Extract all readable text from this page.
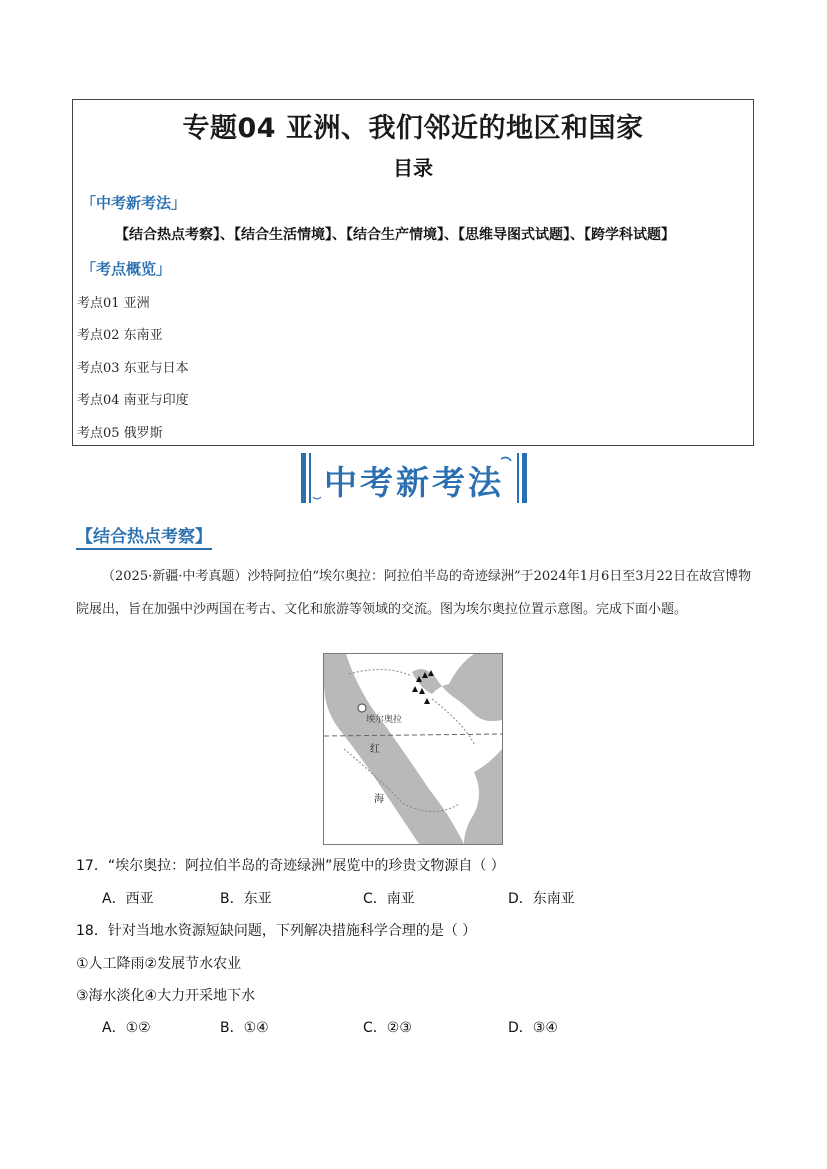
专题04 亚洲、我们邻近的地区和国家
目录
「中考新考法」
【结合热点考察】、【结合生活情境】、【结合生产情境】、【思维导图式试题】、【跨学科试题】
「考点概览」
考点01 亚洲
考点02 东南亚
考点03 东亚与日本
考点04 南亚与印度
考点05 俄罗斯
中考新考法
【结合热点考察】
（2025·新疆·中考真题）沙特阿拉伯“埃尔奥拉：阿拉伯半岛的奇迹绿洲”于2024年1月6日至3月22日在故宫博物院展出，旨在加强中沙两国在考古、文化和旅游等领域的交流。图为埃尔奥拉位置示意图。完成下面小题。
埃尔奥拉
红
海
17．“埃尔奥拉：阿拉伯半岛的奇迹绿洲”展览中的珍贵文物源自（ ）
A．西亚	B．东亚	C．南亚	D．东南亚
18．针对当地水资源短缺问题，下列解决措施科学合理的是（ ）
①人工降雨②发展节水农业
③海水淡化④大力开采地下水
A．①②	B．①④	C．②③	D．③④
